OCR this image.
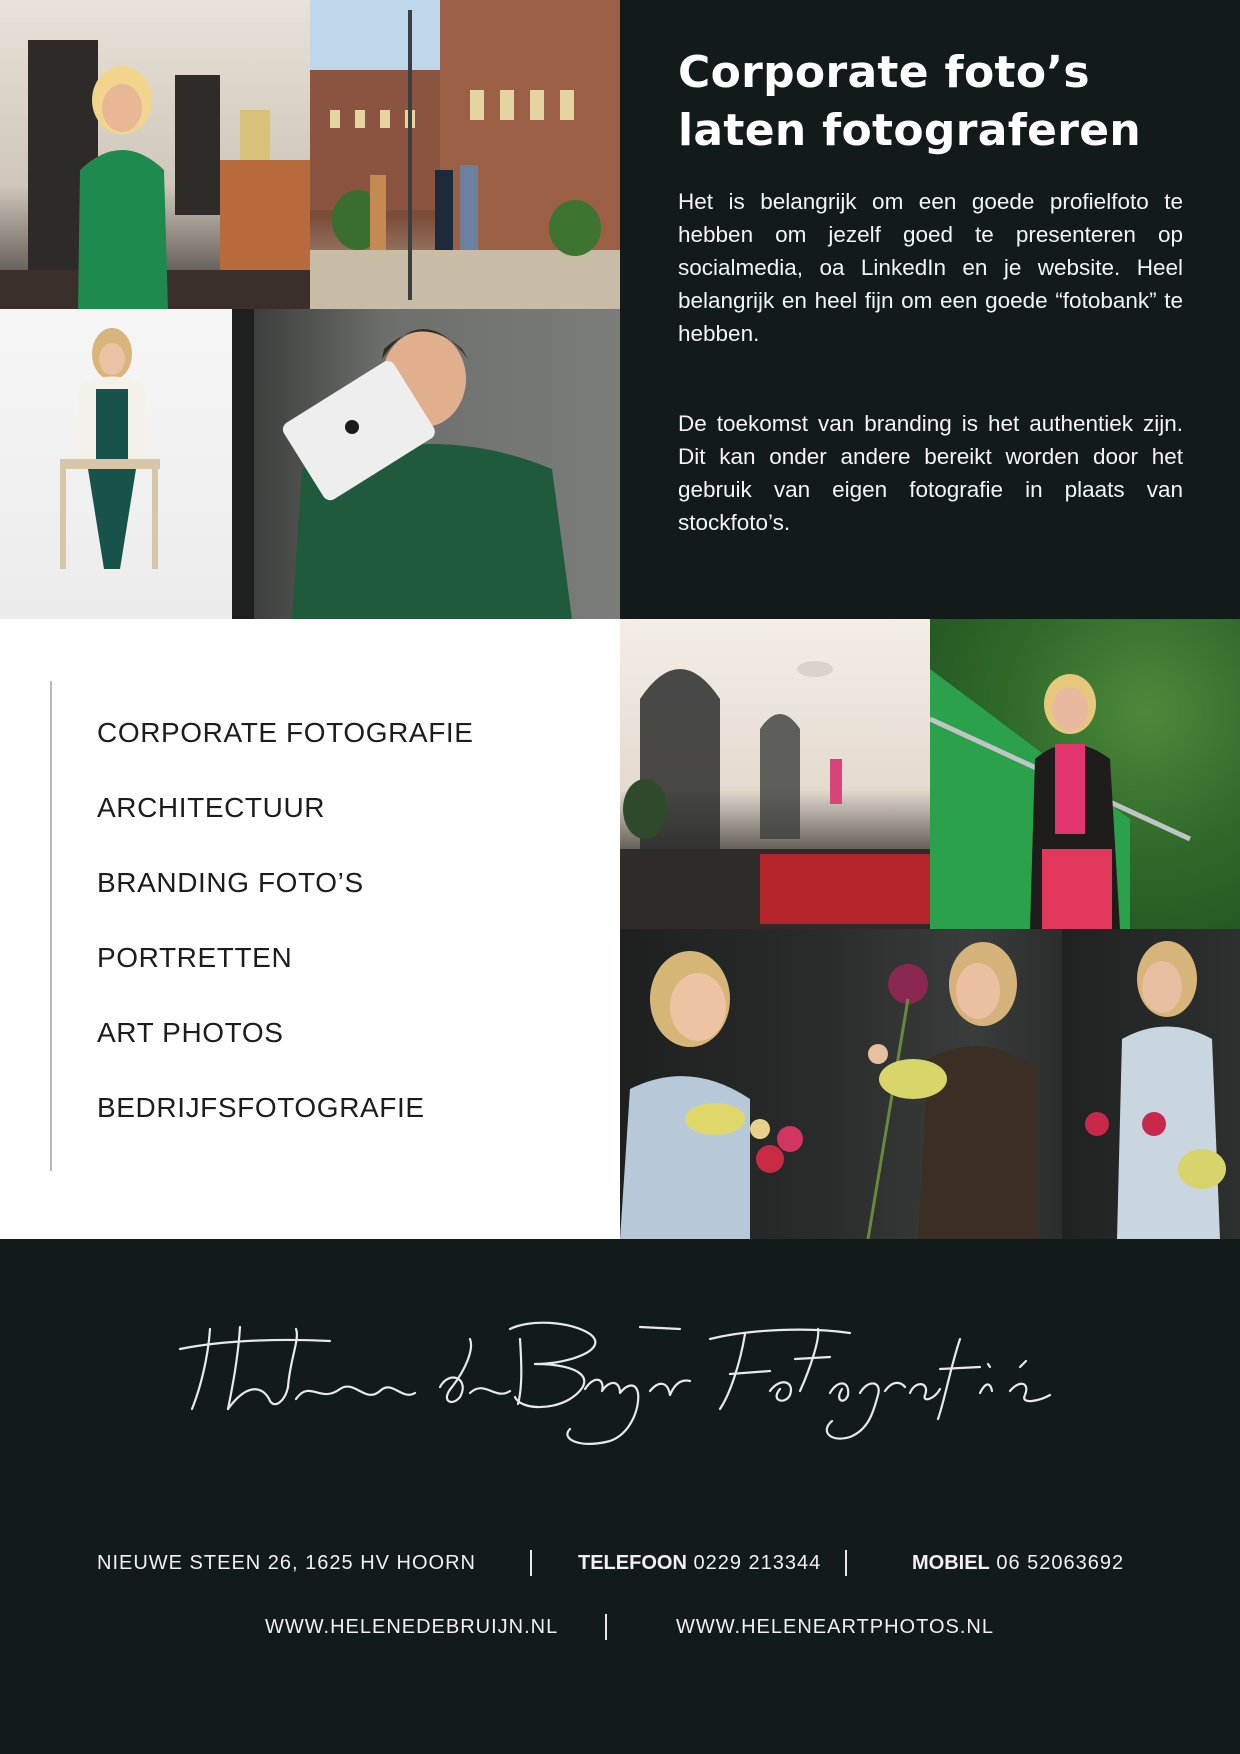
Corporate foto’s
laten fotograferen

Het is belangrijk om een goede profielfoto te hebben om jezelf goed te presenteren op socialmedia, oa LinkedIn en je website. Heel belangrijk en heel fijn om een goede “fotobank” te hebben.

De toekomst van branding is het authentiek zijn. Dit kan onder andere bereikt worden door het gebruik van eigen fotografie in plaats van stockfoto’s.

CORPORATE FOTOGRAFIE
ARCHITECTUUR
BRANDING FOTO’S
PORTRETTEN
ART PHOTOS
BEDRIJFSFOTOGRAFIE
NIEUWE STEEN 26, 1625 HV HOORN	TELEFOON 0229 213344	MOBIEL 06 52063692
WWW.HELENEDEBRUIJN.NL	WWW.HELENEARTPHOTOS.NL
